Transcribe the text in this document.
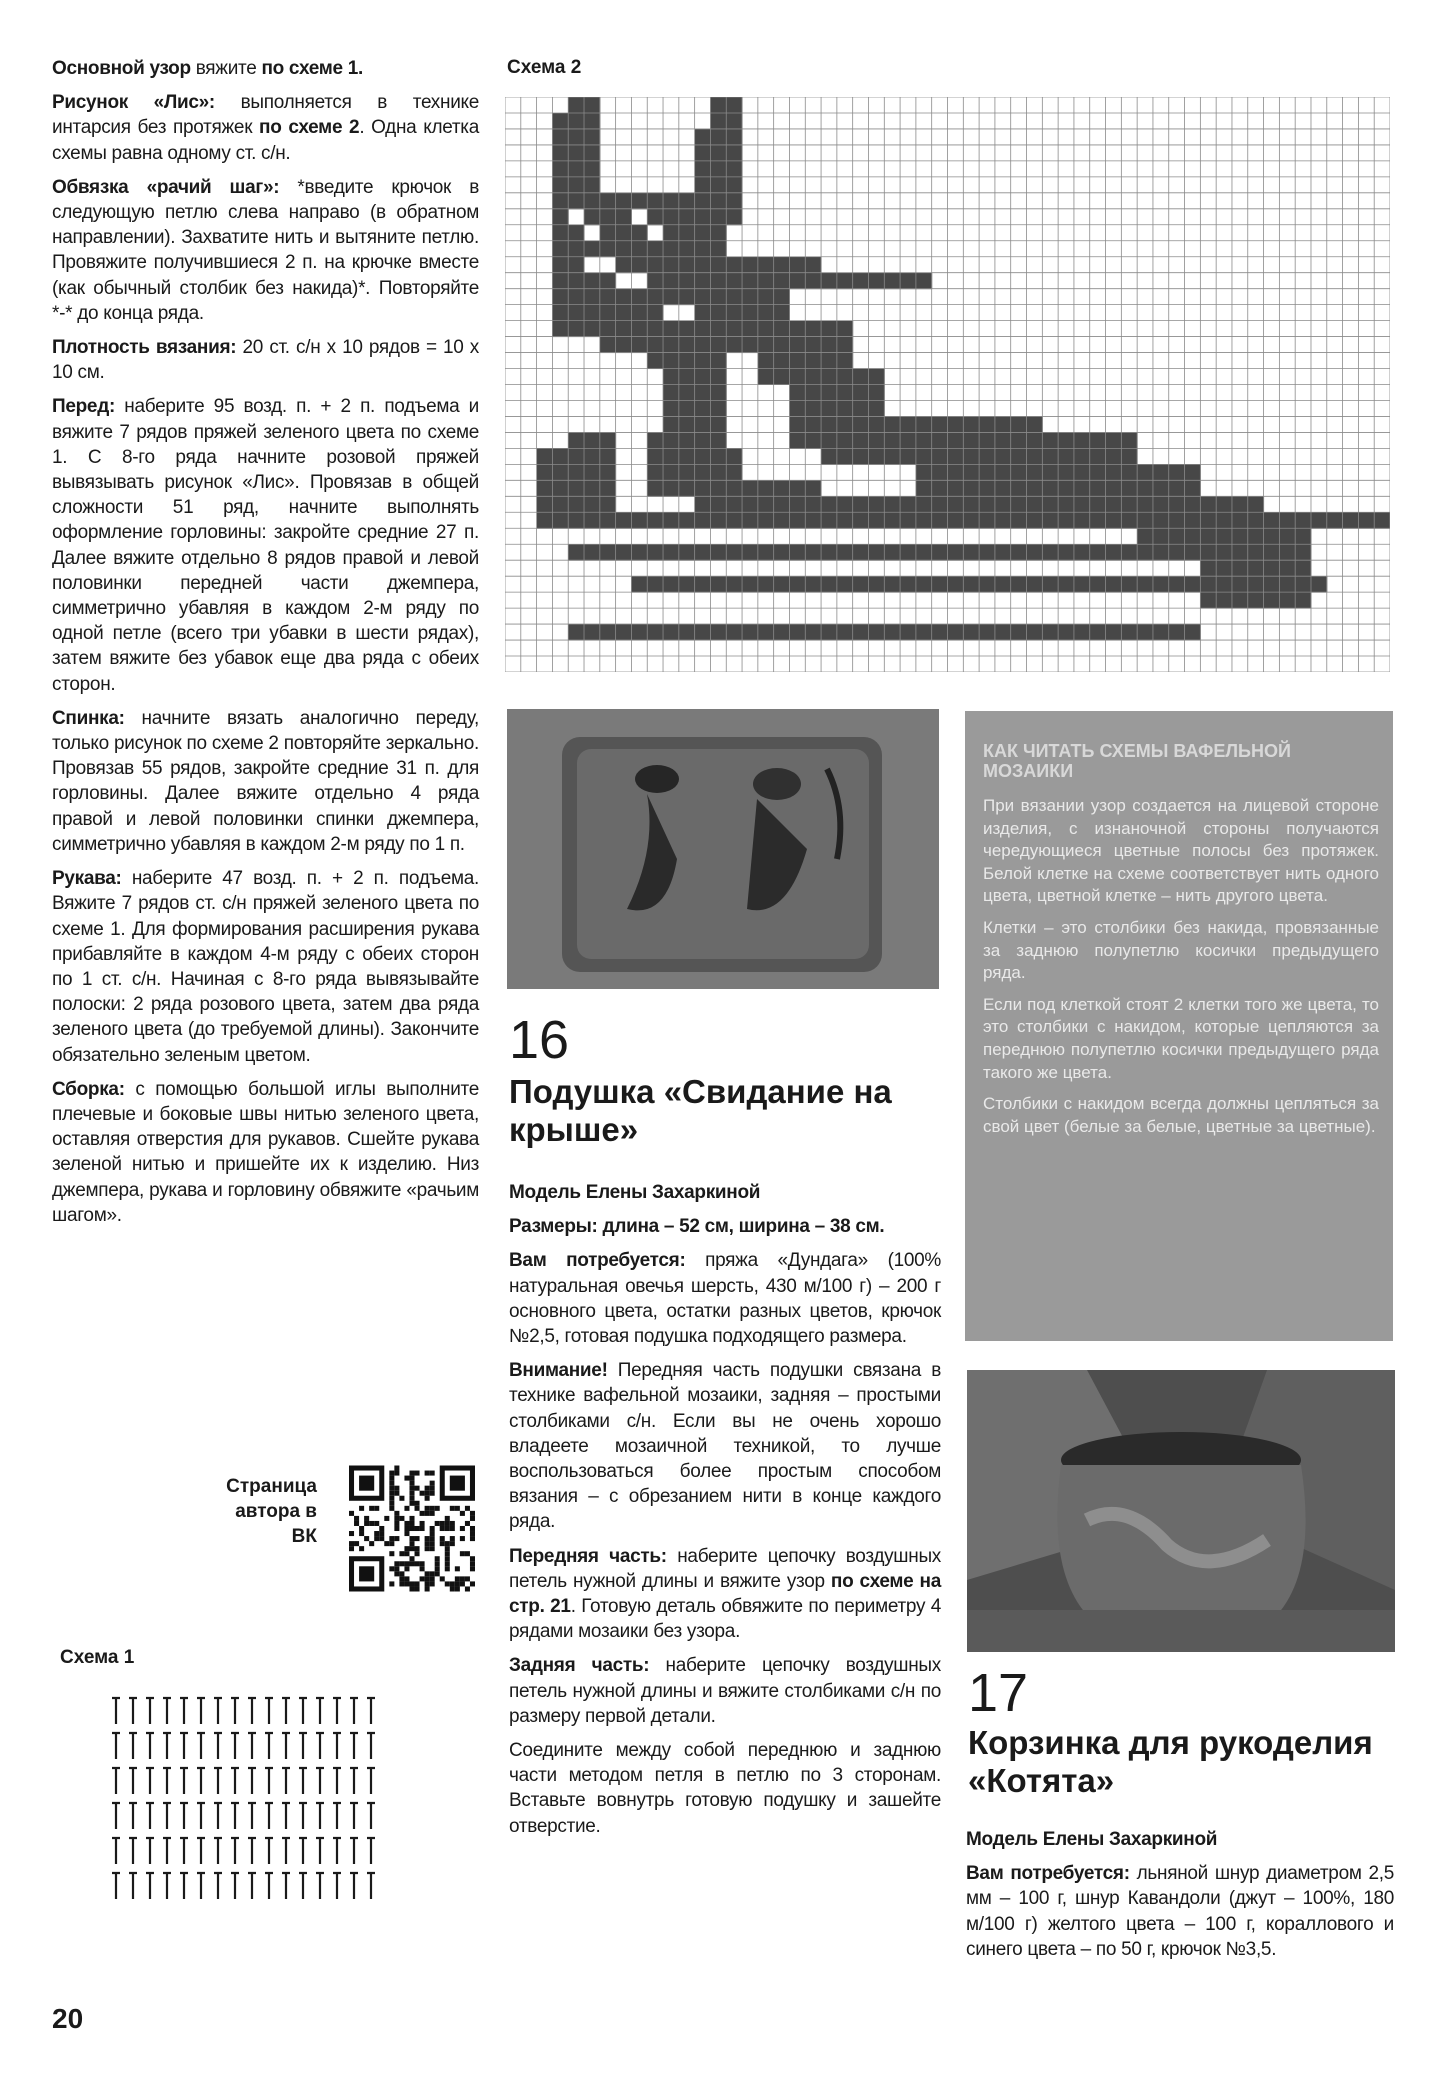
Основной узор вяжите по схеме 1.

Рисунок «Лис»: выполняется в технике интарсия без протяжек по схеме 2. Одна клетка схемы равна одному ст. с/н.

Обвязка «рачий шаг»: *введите крючок в следующую петлю слева направо (в обратном направлении). Захватите нить и вытяните петлю. Провяжите получившиеся 2 п. на крючке вместе (как обычный столбик без накида)*. Повторяйте *-* до конца ряда.

Плотность вязания: 20 ст. с/н х 10 рядов = 10 х 10 см.

Перед: наберите 95 возд. п. + 2 п. подъема и вяжите 7 рядов пряжей зеленого цвета по схеме 1. С 8-го ряда начните розовой пряжей вывязывать рисунок «Лис». Провязав в общей сложности 51 ряд, начните выполнять оформление горловины: закройте средние 27 п. Далее вяжите отдельно 8 рядов правой и левой половинки передней части джемпера, симметрично убавляя в каждом 2-м ряду по одной петле (всего три убавки в шести рядах), затем вяжите без убавок еще два ряда с обеих сторон.

Спинка: начните вязать аналогично переду, только рисунок по схеме 2 повторяйте зеркально. Провязав 55 рядов, закройте средние 31 п. для горловины. Далее вяжите отдельно 4 ряда правой и левой половинки спинки джемпера, симметрично убавляя в каждом 2-м ряду по 1 п.

Рукава: наберите 47 возд. п. + 2 п. подъема. Вяжите 7 рядов ст. с/н пряжей зеленого цвета по схеме 1. Для формирования расширения рукава прибавляйте в каждом 4-м ряду с обеих сторон по 1 ст. с/н. Начиная с 8-го ряда вывязывайте полоски: 2 ряда розового цвета, затем два ряда зеленого цвета (до требуемой длины). Закончите обязательно зеленым цветом.

Сборка: с помощью большой иглы выполните плечевые и боковые швы нитью зеленого цвета, оставляя отверстия для рукавов. Сшейте рукава зеленой нитью и пришейте их к изделию. Низ джемпера, рукава и горловину обвяжите «рачьим шагом».

Страница автора в ВК
Схема 1
20
Схема 2
КАК ЧИТАТЬ СХЕМЫ ВАФЕЛЬНОЙ МОЗАИКИ

При вязании узор создается на лицевой стороне изделия, с изнаночной стороны получаются чередующиеся цветные полосы без протяжек. Белой клетке на схеме соответствует нить одного цвета, цветной клетке – нить другого цвета.

Клетки – это столбики без накида, провязанные за заднюю полупетлю косички предыдущего ряда.

Если под клеткой стоят 2 клетки того же цвета, то это столбики с накидом, которые цепляются за переднюю полупетлю косички предыдущего ряда такого же цвета.

Столбики с накидом всегда должны цепляться за свой цвет (белые за белые, цветные за цветные).

16
Подушка «Свидание на крыше»

Модель Елены Захаркиной

Размеры: длина – 52 см, ширина – 38 см.

Вам потребуется: пряжа «Дундага» (100% натуральная овечья шерсть, 430 м/100 г) – 200 г основного цвета, остатки разных цветов, крючок №2,5, готовая подушка подходящего размера.

Внимание! Передняя часть подушки связана в технике вафельной мозаики, задняя – простыми столбиками с/н. Если вы не очень хорошо владеете мозаичной техникой, то лучше воспользоваться более простым способом вязания – с обрезанием нити в конце каждого ряда.

Передняя часть: наберите цепочку воздушных петель нужной длины и вяжите узор по схеме на стр. 21. Готовую деталь обвяжите по периметру 4 рядами мозаики без узора.

Задняя часть: наберите цепочку воздушных петель нужной длины и вяжите столбиками с/н по размеру первой детали.

Соедините между собой переднюю и заднюю части методом петля в петлю по 3 сторонам. Вставьте вовнутрь готовую подушку и зашейте отверстие.

17
Корзинка для рукоделия «Котята»

Модель Елены Захаркиной

Вам потребуется: льняной шнур диаметром 2,5 мм – 100 г, шнур Кавандоли (джут – 100%, 180 м/100 г) желтого цвета – 100 г, кораллового и синего цвета – по 50 г, крючок №3,5.
